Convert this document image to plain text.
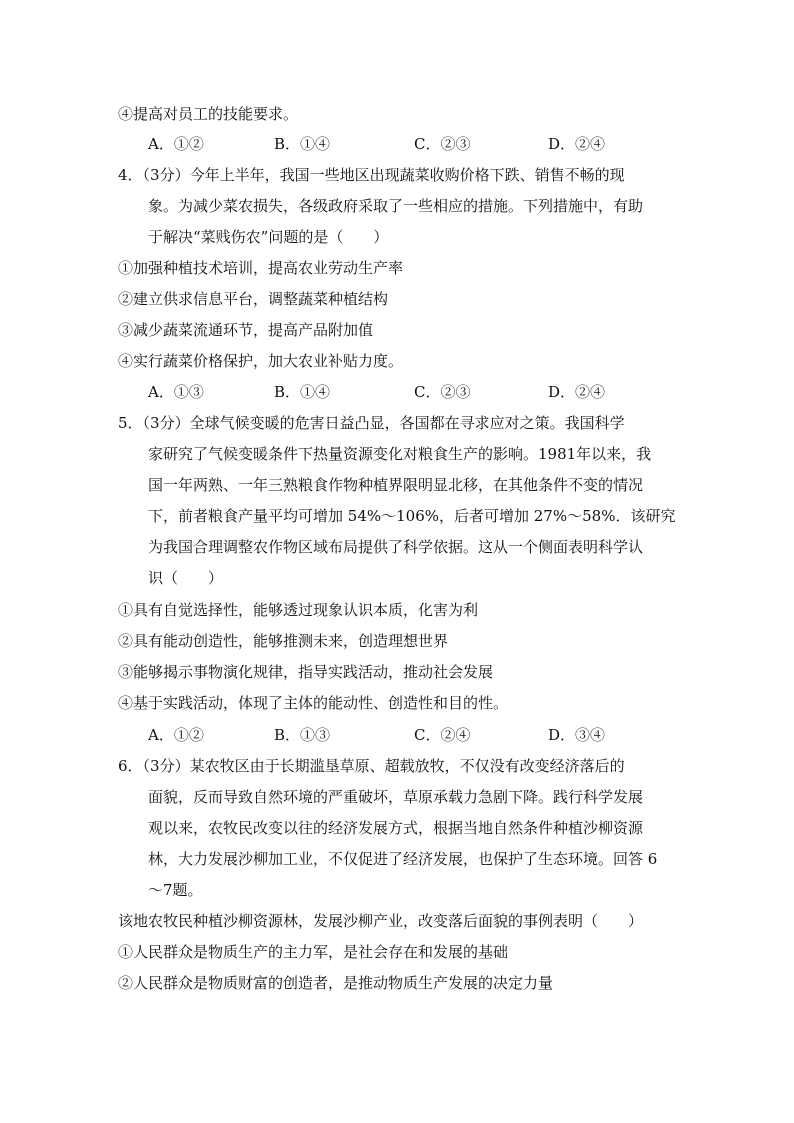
④提高对员工的技能要求。
A．①②	B．①④	C．②③	D．②④
4．（3分）今年上半年，我国一些地区出现蔬菜收购价格下跌、销售不畅的现
象。为减少菜农损失，各级政府采取了一些相应的措施。下列措施中，有助
于解决“菜贱伤农”问题的是（　　）
①加强种植技术培训，提高农业劳动生产率
②建立供求信息平台，调整蔬菜种植结构
③减少蔬菜流通环节，提高产品附加值
④实行蔬菜价格保护，加大农业补贴力度。
A．①③	B．①④	C．②③	D．②④
5．（3分）全球气候变暖的危害日益凸显，各国都在寻求应对之策。我国科学
家研究了气候变暖条件下热量资源变化对粮食生产的影响。1981年以来，我
国一年两熟、一年三熟粮食作物种植界限明显北移，在其他条件不变的情况
下，前者粮食产量平均可增加 54%～106%，后者可增加 27%～58%．该研究
为我国合理调整农作物区域布局提供了科学依据。这从一个侧面表明科学认
识（　　）
①具有自觉选择性，能够透过现象认识本质，化害为利
②具有能动创造性，能够推测未来，创造理想世界
③能够揭示事物演化规律，指导实践活动，推动社会发展
④基于实践活动，体现了主体的能动性、创造性和目的性。
A．①②	B．①③	C．②④	D．③④
6．（3分）某农牧区由于长期滥垦草原、超载放牧，不仅没有改变经济落后的
面貌，反而导致自然环境的严重破坏，草原承载力急剧下降。践行科学发展
观以来，农牧民改变以往的经济发展方式，根据当地自然条件种植沙柳资源
林，大力发展沙柳加工业，不仅促进了经济发展，也保护了生态环境。回答 6
～7题。
该地农牧民种植沙柳资源林，发展沙柳产业，改变落后面貌的事例表明（　　）
①人民群众是物质生产的主力军，是社会存在和发展的基础
②人民群众是物质财富的创造者，是推动物质生产发展的决定力量
